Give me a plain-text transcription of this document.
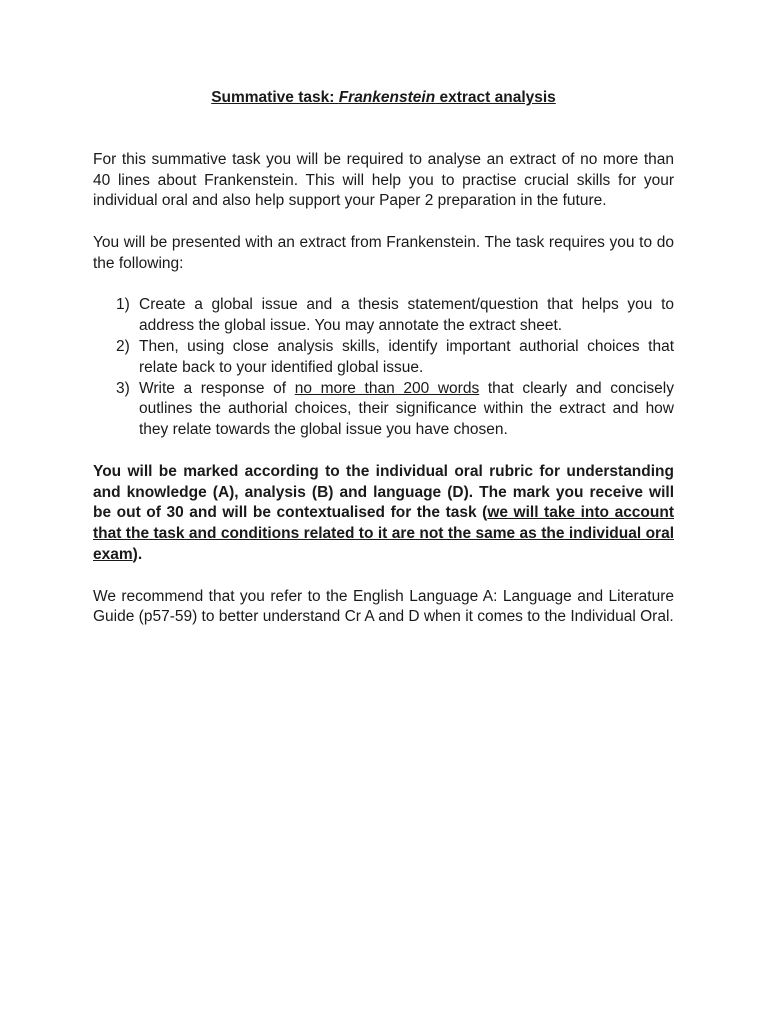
Summative task: Frankenstein extract analysis

For this summative task you will be required to analyse an extract of no more than 40 lines about Frankenstein. This will help you to practise crucial skills for your individual oral and also help support your Paper 2 preparation in the future.

You will be presented with an extract from Frankenstein. The task requires you to do the following:

1) Create a global issue and a thesis statement/question that helps you to address the global issue. You may annotate the extract sheet.
2) Then, using close analysis skills, identify important authorial choices that relate back to your identified global issue.
3) Write a response of no more than 200 words that clearly and concisely outlines the authorial choices, their significance within the extract and how they relate towards the global issue you have chosen.

You will be marked according to the individual oral rubric for understanding and knowledge (A), analysis (B) and language (D). The mark you receive will be out of 30 and will be contextualised for the task (we will take into account that the task and conditions related to it are not the same as the individual oral exam).

We recommend that you refer to the English Language A: Language and Literature Guide (p57-59) to better understand Cr A and D when it comes to the Individual Oral.
